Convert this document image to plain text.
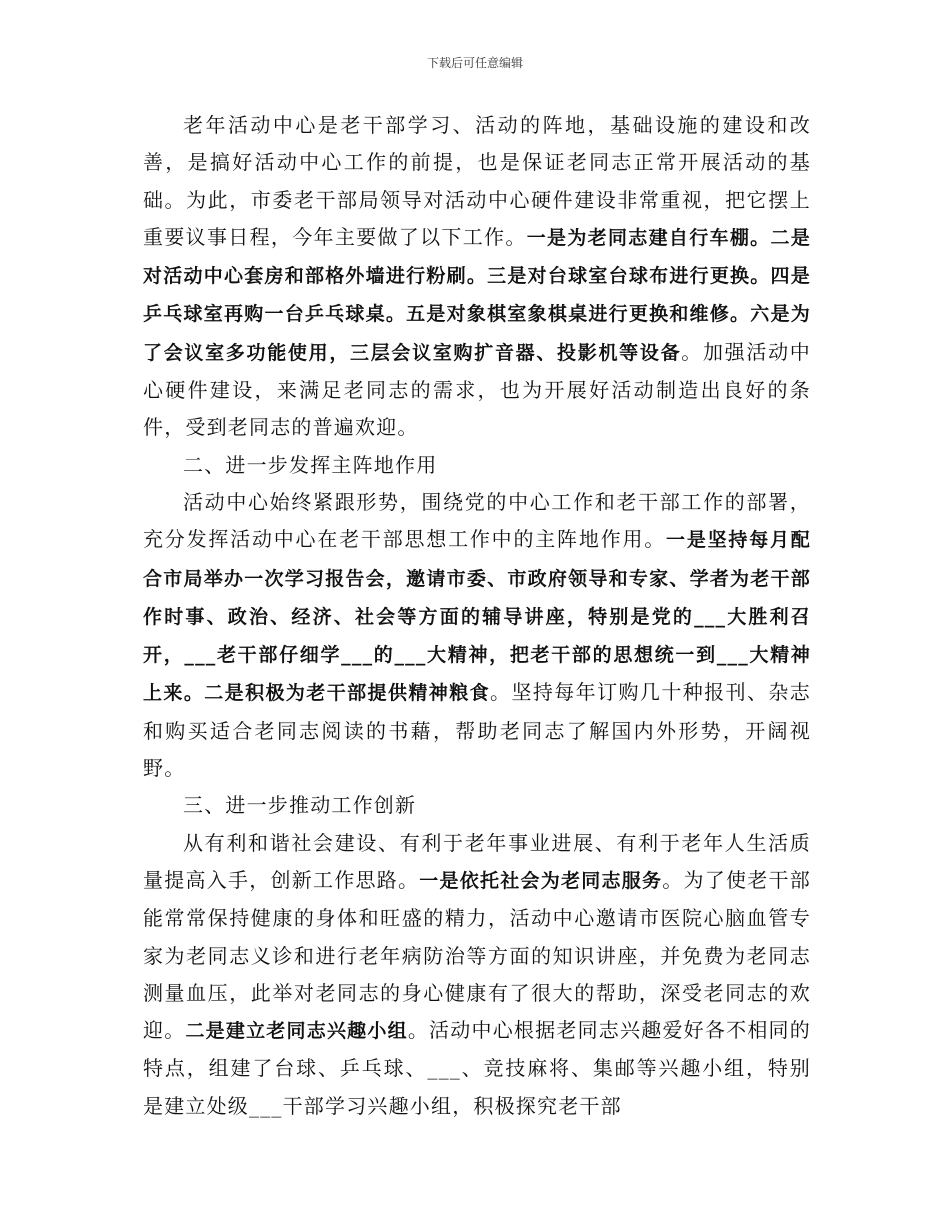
下载后可任意编辑

老年活动中心是老干部学习、活动的阵地，基础设施的建设和改善，是搞好活动中心工作的前提，也是保证老同志正常开展活动的基础。为此，市委老干部局领导对活动中心硬件建设非常重视，把它摆上重要议事日程，今年主要做了以下工作。一是为老同志建自行车棚。二是对活动中心套房和部格外墙进行粉刷。三是对台球室台球布进行更换。四是乒乓球室再购一台乒乓球桌。五是对象棋室象棋桌进行更换和维修。六是为了会议室多功能使用，三层会议室购扩音器、投影机等设备。加强活动中心硬件建设，来满足老同志的需求，也为开展好活动制造出良好的条件，受到老同志的普遍欢迎。

二、进一步发挥主阵地作用

活动中心始终紧跟形势，围绕党的中心工作和老干部工作的部署，充分发挥活动中心在老干部思想工作中的主阵地作用。一是坚持每月配合市局举办一次学习报告会，邀请市委、市政府领导和专家、学者为老干部作时事、政治、经济、社会等方面的辅导讲座，特别是党的___大胜利召开，___老干部仔细学___的___大精神，把老干部的思想统一到___大精神上来。二是积极为老干部提供精神粮食。坚持每年订购几十种报刊、杂志和购买适合老同志阅读的书藉，帮助老同志了解国内外形势，开阔视野。

三、进一步推动工作创新

从有利和谐社会建设、有利于老年事业进展、有利于老年人生活质量提高入手，创新工作思路。一是依托社会为老同志服务。为了使老干部能常常保持健康的身体和旺盛的精力，活动中心邀请市医院心脑血管专家为老同志义诊和进行老年病防治等方面的知识讲座，并免费为老同志测量血压，此举对老同志的身心健康有了很大的帮助，深受老同志的欢迎。二是建立老同志兴趣小组。活动中心根据老同志兴趣爱好各不相同的特点，组建了台球、乒乓球、___、竞技麻将、集邮等兴趣小组，特别是建立处级___干部学习兴趣小组，积极探究老干部
